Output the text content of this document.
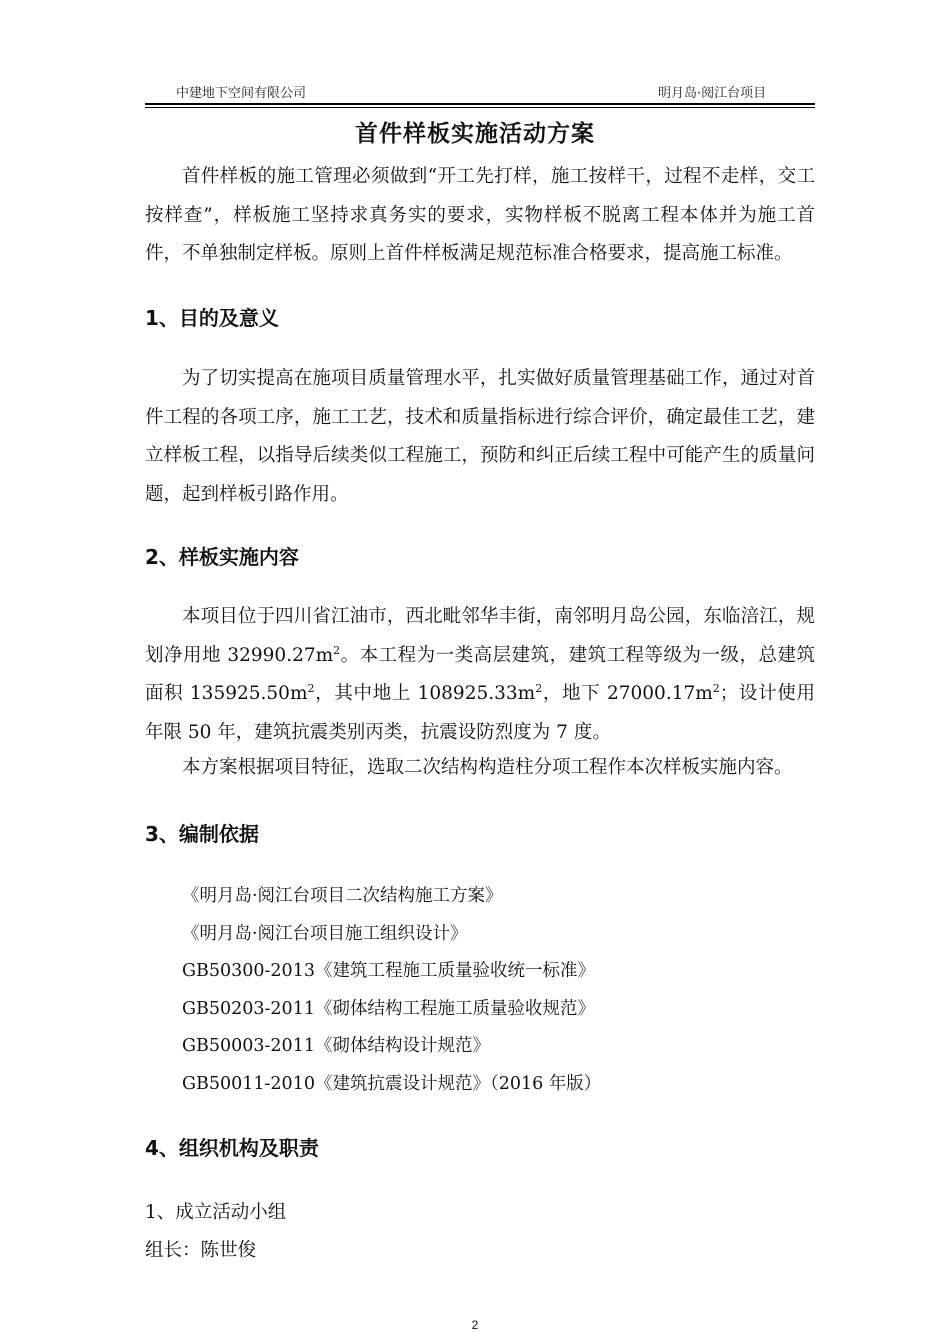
中建地下空间有限公司	明月岛·阅江台项目
首件样板实施活动方案

首件样板的施工管理必须做到“开工先打样，施工按样干，过程不走样，交工按样查”，样板施工坚持求真务实的要求，实物样板不脱离工程本体并为施工首件，不单独制定样板。原则上首件样板满足规范标准合格要求，提高施工标准。

1、目的及意义

为了切实提高在施项目质量管理水平，扎实做好质量管理基础工作，通过对首件工程的各项工序，施工工艺，技术和质量指标进行综合评价，确定最佳工艺，建立样板工程，以指导后续类似工程施工，预防和纠正后续工程中可能产生的质量问题，起到样板引路作用。

2、样板实施内容

本项目位于四川省江油市，西北毗邻华丰街，南邻明月岛公园，东临涪江，规划净用地 $32990.27m^2$。本工程为一类高层建筑，建筑工程等级为一级，总建筑面积 $135925.50m^2$，其中地上 $108925.33m^2$，地下 $27000.17m^2$；设计使用年限 50 年，建筑抗震类别丙类，抗震设防烈度为 7 度。

本方案根据项目特征，选取二次结构构造柱分项工程作本次样板实施内容。

3、编制依据
《明月岛·阅江台项目二次结构施工方案》
《明月岛·阅江台项目施工组织设计》
GB50300-2013《建筑工程施工质量验收统一标准》
GB50203-2011《砌体结构工程施工质量验收规范》
GB50003-2011《砌体结构设计规范》
GB50011-2010《建筑抗震设计规范》（2016 年版）
4、组织机构及职责
1、成立活动小组
组长：陈世俊
2
